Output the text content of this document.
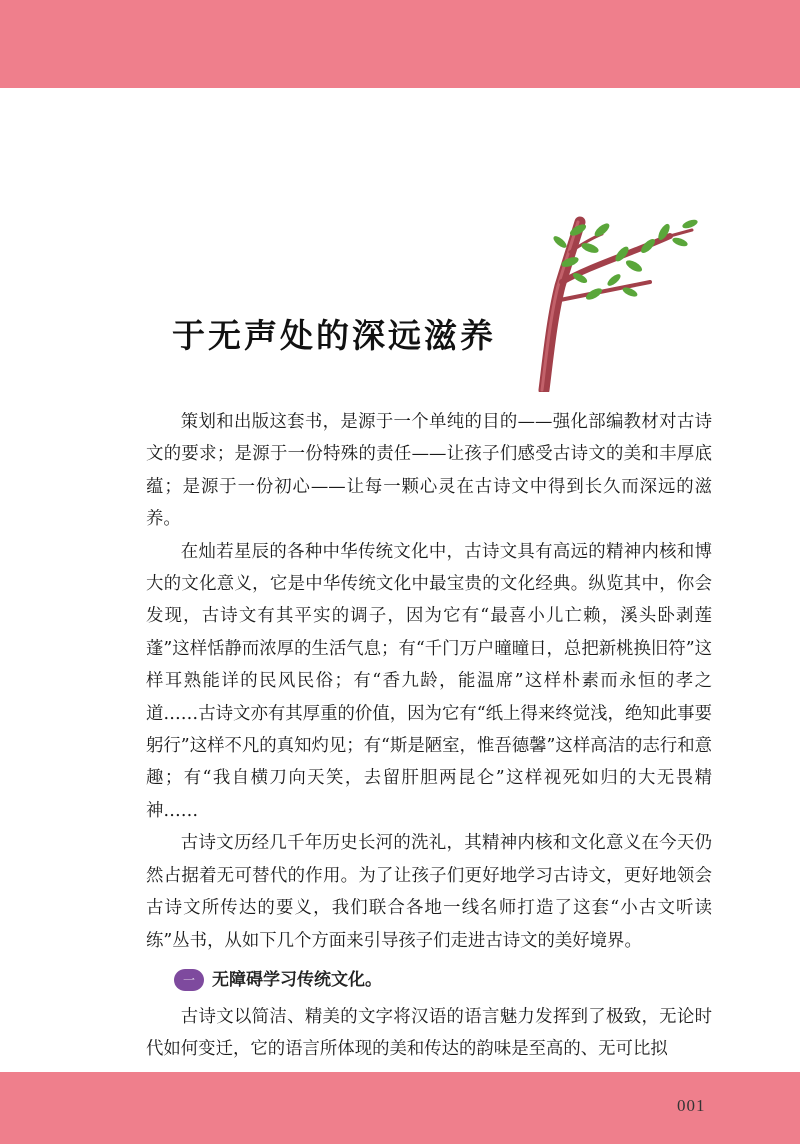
于无声处的深远滋养

策划和出版这套书，是源于一个单纯的目的——强化部编教材对古诗文的要求；是源于一份特殊的责任——让孩子们感受古诗文的美和丰厚底蕴；是源于一份初心——让每一颗心灵在古诗文中得到长久而深远的滋养。

在灿若星辰的各种中华传统文化中，古诗文具有高远的精神内核和博大的文化意义，它是中华传统文化中最宝贵的文化经典。纵览其中，你会发现，古诗文有其平实的调子，因为它有“最喜小儿亡赖，溪头卧剥莲蓬”这样恬静而浓厚的生活气息；有“千门万户曈曈日，总把新桃换旧符”这样耳熟能详的民风民俗；有“香九龄，能温席”这样朴素而永恒的孝之道……古诗文亦有其厚重的价值，因为它有“纸上得来终觉浅，绝知此事要躬行”这样不凡的真知灼见；有“斯是陋室，惟吾德馨”这样高洁的志行和意趣；有“我自横刀向天笑，去留肝胆两昆仑”这样视死如归的大无畏精神……

古诗文历经几千年历史长河的洗礼，其精神内核和文化意义在今天仍然占据着无可替代的作用。为了让孩子们更好地学习古诗文，更好地领会古诗文所传达的要义，我们联合各地一线名师打造了这套“小古文听读练”丛书，从如下几个方面来引导孩子们走进古诗文的美好境界。

一	无障碍学习传统文化。

古诗文以简洁、精美的文字将汉语的语言魅力发挥到了极致，无论时代如何变迁，它的语言所体现的美和传达的韵味是至高的、无可比拟

001
